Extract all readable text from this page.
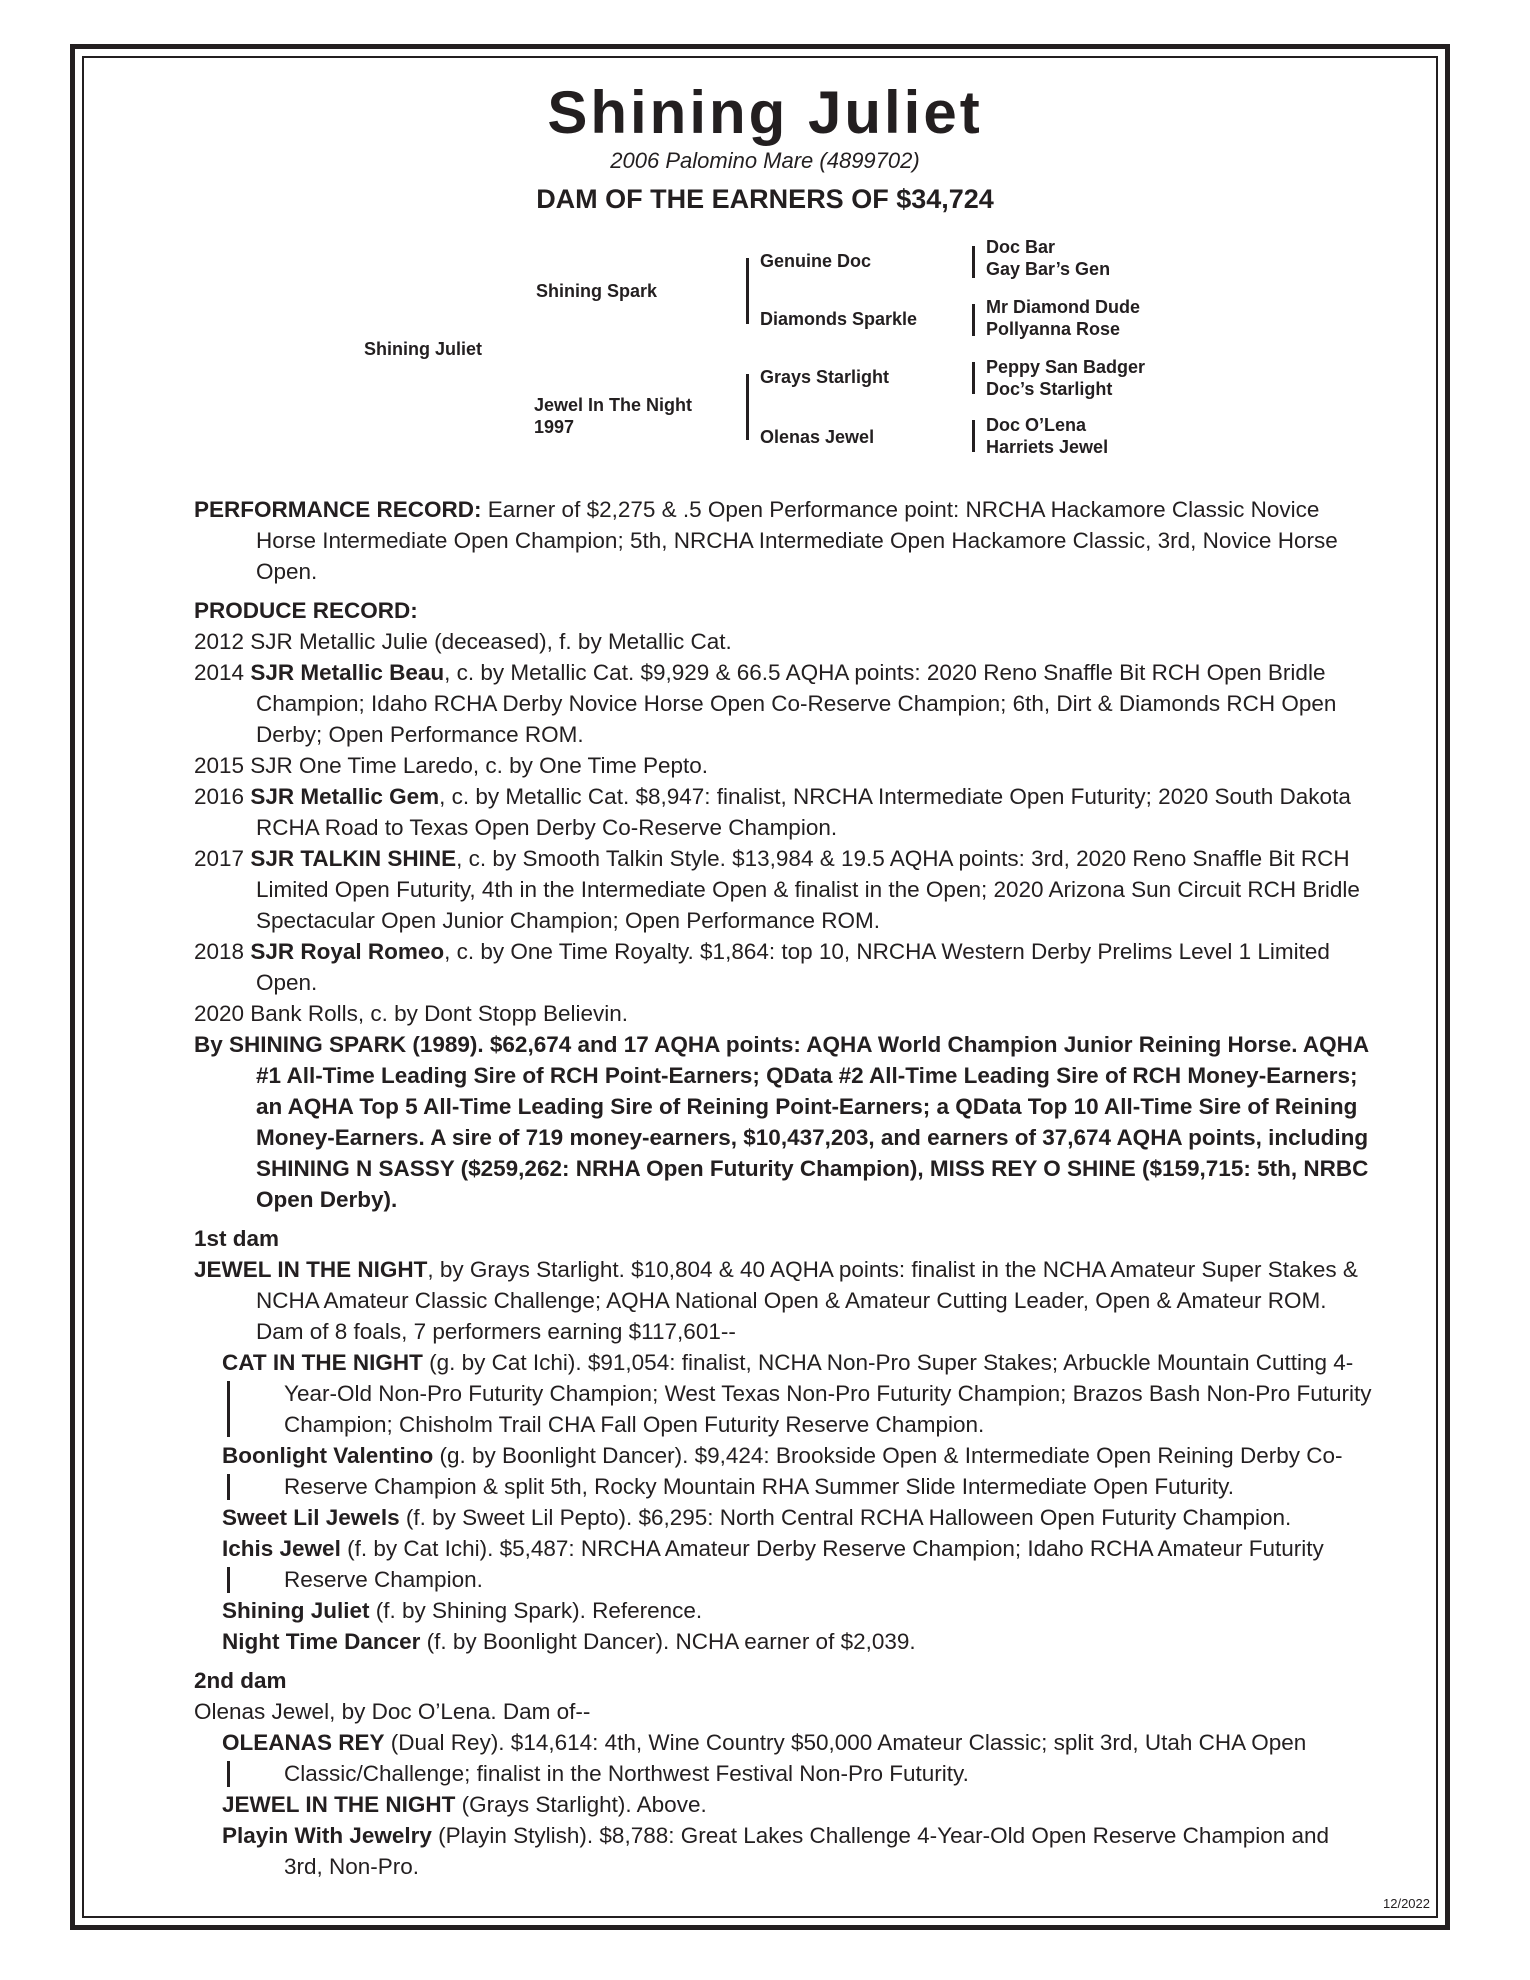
Shining Juliet
2006 Palomino Mare (4899702)
DAM OF THE EARNERS OF $34,724
Shining Juliet
Shining Spark
Jewel In The Night
1997
Genuine Doc
Diamonds Sparkle
Grays Starlight
Olenas Jewel
Doc Bar
Gay Bar’s Gen
Mr Diamond Dude
Pollyanna Rose
Peppy San Badger
Doc’s Starlight
Doc O’Lena
Harriets Jewel

PERFORMANCE RECORD: Earner of $2,275 & .5 Open Performance point: NRCHA Hackamore Classic Novice Horse Intermediate Open Champion; 5th, NRCHA Intermediate Open Hackamore Classic, 3rd, Novice Horse Open.

PRODUCE RECORD:

2012 SJR Metallic Julie (deceased), f. by Metallic Cat.

2014 SJR Metallic Beau, c. by Metallic Cat. $9,929 & 66.5 AQHA points: 2020 Reno Snaffle Bit RCH Open Bridle Champion; Idaho RCHA Derby Novice Horse Open Co-Reserve Champion; 6th, Dirt & Diamonds RCH Open Derby; Open Performance ROM.

2015 SJR One Time Laredo, c. by One Time Pepto.

2016 SJR Metallic Gem, c. by Metallic Cat. $8,947: finalist, NRCHA Intermediate Open Futurity; 2020 South Dakota RCHA Road to Texas Open Derby Co-Reserve Champion.

2017 SJR TALKIN SHINE, c. by Smooth Talkin Style. $13,984 & 19.5 AQHA points: 3rd, 2020 Reno Snaffle Bit RCH Limited Open Futurity, 4th in the Intermediate Open & finalist in the Open; 2020 Arizona Sun Circuit RCH Bridle Spectacular Open Junior Champion; Open Performance ROM.

2018 SJR Royal Romeo, c. by One Time Royalty. $1,864: top 10, NRCHA Western Derby Prelims Level 1 Limited Open.

2020 Bank Rolls, c. by Dont Stopp Believin.

By SHINING SPARK (1989). $62,674 and 17 AQHA points: AQHA World Champion Junior Reining Horse. AQHA #1 All-Time Leading Sire of RCH Point-Earners; QData #2 All-Time Leading Sire of RCH Money-Earners; an AQHA Top 5 All-Time Leading Sire of Reining Point-Earners; a QData Top 10 All-Time Sire of Reining Money-Earners. A sire of 719 money-earners, $10,437,203, and earners of 37,674 AQHA points, including SHINING N SASSY ($259,262: NRHA Open Futurity Champion), MISS REY O SHINE ($159,715: 5th, NRBC Open Derby).

1st dam

JEWEL IN THE NIGHT, by Grays Starlight. $10,804 & 40 AQHA points: finalist in the NCHA Amateur Super Stakes & NCHA Amateur Classic Challenge; AQHA National Open & Amateur Cutting Leader, Open & Amateur ROM. Dam of 8 foals, 7 performers earning $117,601--

CAT IN THE NIGHT (g. by Cat Ichi). $91,054: finalist, NCHA Non-Pro Super Stakes; Arbuckle Mountain Cutting 4-Year-Old Non-Pro Futurity Champion; West Texas Non-Pro Futurity Champion; Brazos Bash Non-Pro Futurity Champion; Chisholm Trail CHA Fall Open Futurity Reserve Champion.

Boonlight Valentino (g. by Boonlight Dancer). $9,424: Brookside Open & Intermediate Open Reining Derby Co-Reserve Champion & split 5th, Rocky Mountain RHA Summer Slide Intermediate Open Futurity.

Sweet Lil Jewels (f. by Sweet Lil Pepto). $6,295: North Central RCHA Halloween Open Futurity Champion.

Ichis Jewel (f. by Cat Ichi). $5,487: NRCHA Amateur Derby Reserve Champion; Idaho RCHA Amateur Futurity Reserve Champion.

Shining Juliet (f. by Shining Spark). Reference.

Night Time Dancer (f. by Boonlight Dancer). NCHA earner of $2,039.

2nd dam

Olenas Jewel, by Doc O’Lena. Dam of--

OLEANAS REY (Dual Rey). $14,614: 4th, Wine Country $50,000 Amateur Classic; split 3rd, Utah CHA Open Classic/Challenge; finalist in the Northwest Festival Non-Pro Futurity.

JEWEL IN THE NIGHT (Grays Starlight). Above.

Playin With Jewelry (Playin Stylish). $8,788: Great Lakes Challenge 4-Year-Old Open Reserve Champion and 3rd, Non-Pro.

12/2022
